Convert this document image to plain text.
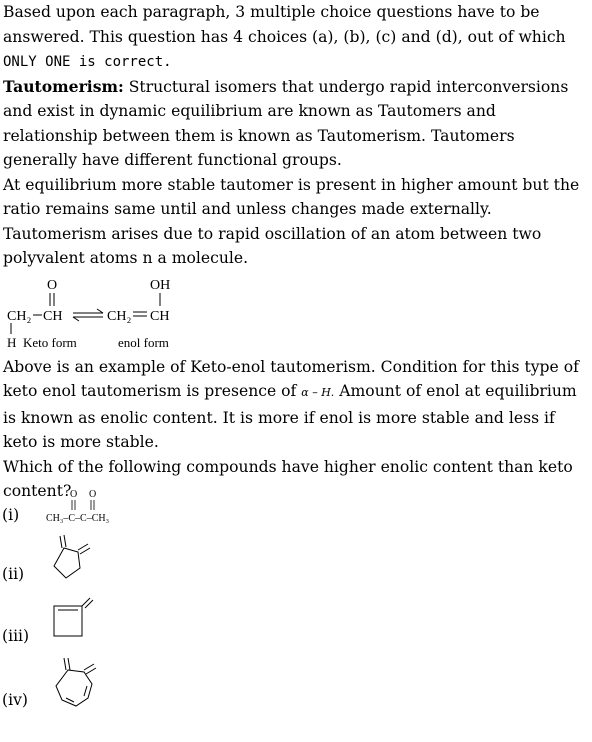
Based upon each paragraph, 3 multiple choice questions have to be
answered. This question has 4 choices (a), (b), (c) and (d), out of which
ONLY ONE is correct.

Tautomerism: Structural isomers that undergo rapid interconversions and exist in dynamic equilibrium are known as Tautomers and relationship between them is known as Tautomerism. Tautomers generally have different functional groups.

At equilibrium more stable tautomer is present in higher amount but the ratio remains same until and unless changes made externally. Tautomerism arises due to rapid oscillation of an atom between two polyvalent atoms n a molecule.

O
CH₂ CH	CH₂ CH
OH
H Keto form	enol form

Above is an example of Keto-enol tautomerism. Condition for this type of keto enol tautomerism is presence of α – H. Amount of enol at equilibrium is known as enolic content. It is more if enol is more stable and less if keto is more stable.

Which of the following compounds have higher enolic content than keto content?

(i)
O O
CH₃–C–C–CH₃
(ii)
(iii)
(iv)
